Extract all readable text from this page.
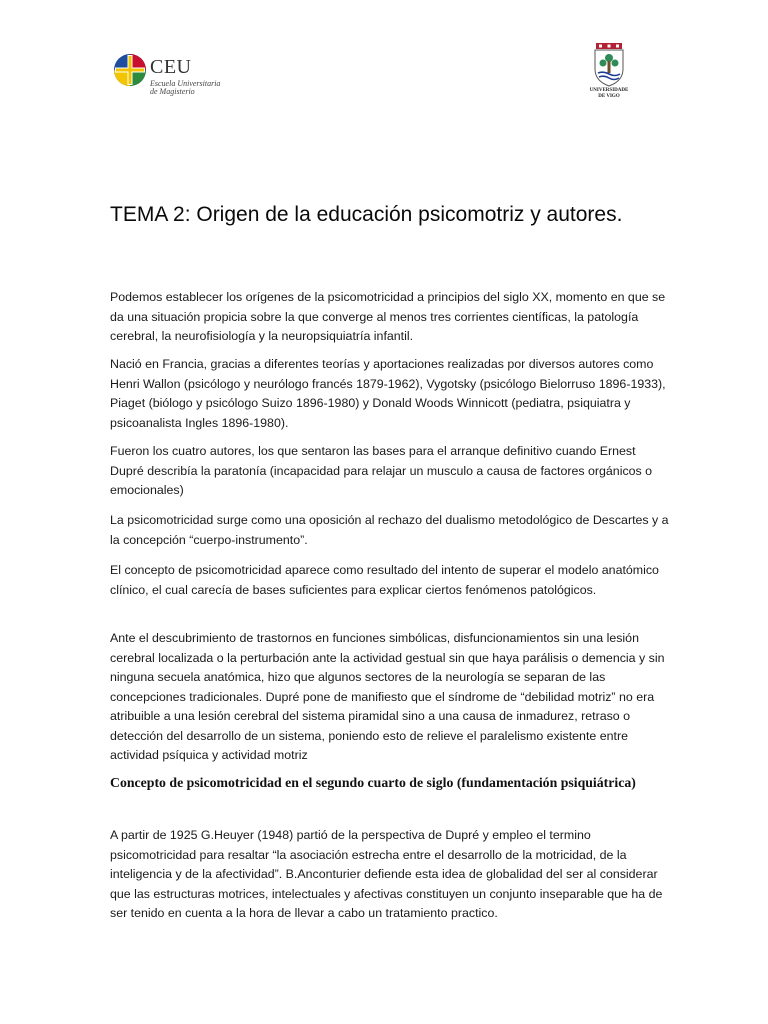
CEU
Escuela Universitaria
de Magisterio	UNIVERSIDADE
DE VIGO
TEMA 2: Origen de la educación psicomotriz y autores.

Podemos establecer los orígenes de la psicomotricidad a principios del siglo XX, momento en que se da una situación propicia sobre la que converge al menos tres corrientes científicas, la patología cerebral, la neurofisiología y la neuropsiquiatría infantil.

Nació en Francia, gracias a diferentes teorías y aportaciones realizadas por diversos autores como Henri Wallon (psicólogo y neurólogo francés 1879-1962), Vygotsky (psicólogo Bielorruso 1896-1933), Piaget (biólogo y psicólogo Suizo 1896-1980) y Donald Woods Winnicott (pediatra, psiquiatra y psicoanalista Ingles 1896-1980).

Fueron los cuatro autores, los que sentaron las bases para el arranque definitivo cuando Ernest Dupré describía la paratonía (incapacidad para relajar un musculo a causa de factores orgánicos o emocionales)

La psicomotricidad surge como una oposición al rechazo del dualismo metodológico de Descartes y a la concepción “cuerpo-instrumento”.

El concepto de psicomotricidad aparece como resultado del intento de superar el modelo anatómico clínico, el cual carecía de bases suficientes para explicar ciertos fenómenos patológicos.

Ante el descubrimiento de trastornos en funciones simbólicas, disfuncionamientos sin una lesión cerebral localizada o la perturbación ante la actividad gestual sin que haya parálisis o demencia y sin ninguna secuela anatómica, hizo que algunos sectores de la neurología se separan de las concepciones tradicionales. Dupré pone de manifiesto que el síndrome de “debilidad motriz” no era atribuible a una lesión cerebral del sistema piramidal sino a una causa de inmadurez, retraso o detección del desarrollo de un sistema, poniendo esto de relieve el paralelismo existente entre actividad psíquica y actividad motriz

Concepto de psicomotricidad en el segundo cuarto de siglo (fundamentación psiquiátrica)

A partir de 1925 G.Heuyer (1948) partió de la perspectiva de Dupré y empleo el termino psicomotricidad para resaltar “la asociación estrecha entre el desarrollo de la motricidad, de la inteligencia y de la afectividad”. B.Anconturier defiende esta idea de globalidad del ser al considerar que las estructuras motrices, intelectuales y afectivas constituyen un conjunto inseparable que ha de ser tenido en cuenta a la hora de llevar a cabo un tratamiento practico.
